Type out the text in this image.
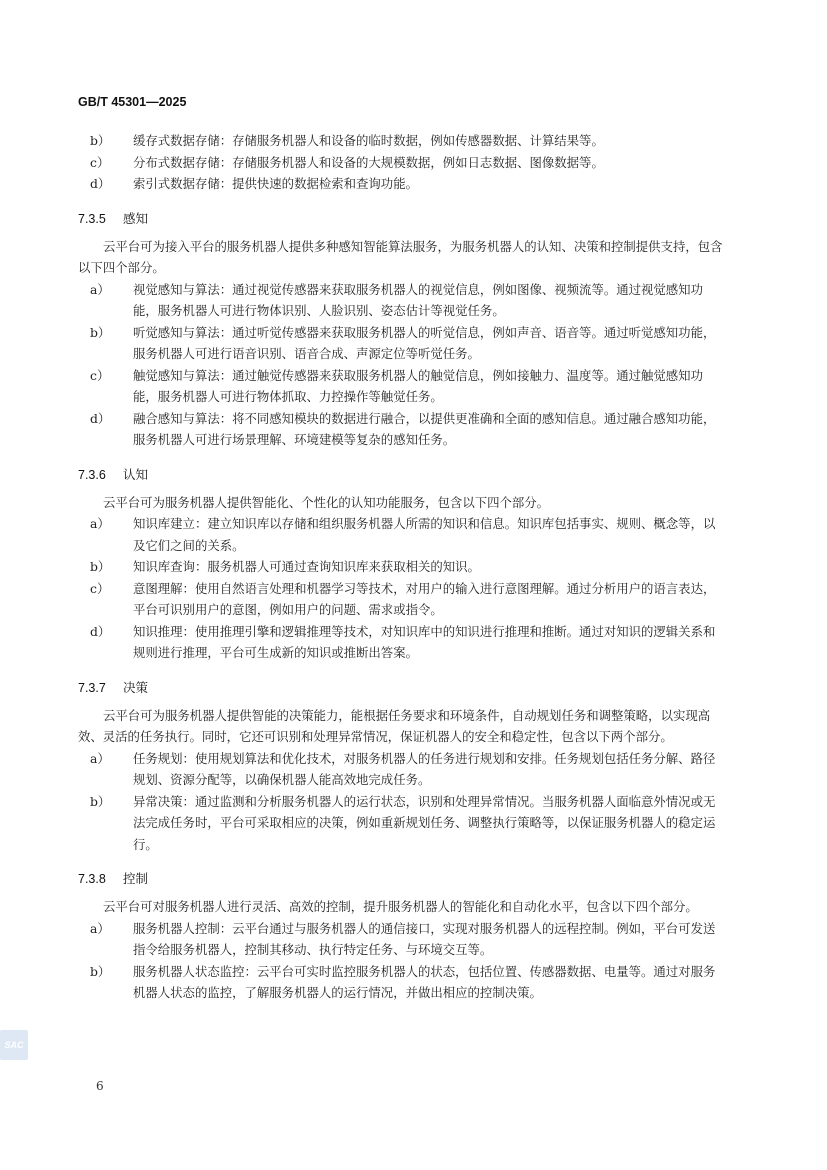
GB/T 45301—2025
b） 缓存式数据存储：存储服务机器人和设备的临时数据，例如传感器数据、计算结果等。
c） 分布式数据存储：存储服务机器人和设备的大规模数据，例如日志数据、图像数据等。
d） 索引式数据存储：提供快速的数据检索和查询功能。
7.3.5 感知
云平台可为接入平台的服务机器人提供多种感知智能算法服务，为服务机器人的认知、决策和控制提供支持，包含以下四个部分。
a） 视觉感知与算法：通过视觉传感器来获取服务机器人的视觉信息，例如图像、视频流等。通过视觉感知功能，服务机器人可进行物体识别、人脸识别、姿态估计等视觉任务。
b） 听觉感知与算法：通过听觉传感器来获取服务机器人的听觉信息，例如声音、语音等。通过听觉感知功能，服务机器人可进行语音识别、语音合成、声源定位等听觉任务。
c） 触觉感知与算法：通过触觉传感器来获取服务机器人的触觉信息，例如接触力、温度等。通过触觉感知功能，服务机器人可进行物体抓取、力控操作等触觉任务。
d） 融合感知与算法：将不同感知模块的数据进行融合，以提供更准确和全面的感知信息。通过融合感知功能，服务机器人可进行场景理解、环境建模等复杂的感知任务。
7.3.6 认知
云平台可为服务机器人提供智能化、个性化的认知功能服务，包含以下四个部分。
a） 知识库建立：建立知识库以存储和组织服务机器人所需的知识和信息。知识库包括事实、规则、概念等，以及它们之间的关系。
b） 知识库查询：服务机器人可通过查询知识库来获取相关的知识。
c） 意图理解：使用自然语言处理和机器学习等技术，对用户的输入进行意图理解。通过分析用户的语言表达，平台可识别用户的意图，例如用户的问题、需求或指令。
d） 知识推理：使用推理引擎和逻辑推理等技术，对知识库中的知识进行推理和推断。通过对知识的逻辑关系和规则进行推理，平台可生成新的知识或推断出答案。
7.3.7 决策
云平台可为服务机器人提供智能的决策能力，能根据任务要求和环境条件，自动规划任务和调整策略，以实现高效、灵活的任务执行。同时，它还可识别和处理异常情况，保证机器人的安全和稳定性，包含以下两个部分。
a） 任务规划：使用规划算法和优化技术，对服务机器人的任务进行规划和安排。任务规划包括任务分解、路径规划、资源分配等，以确保机器人能高效地完成任务。
b） 异常决策：通过监测和分析服务机器人的运行状态，识别和处理异常情况。当服务机器人面临意外情况或无法完成任务时，平台可采取相应的决策，例如重新规划任务、调整执行策略等，以保证服务机器人的稳定运行。
7.3.8 控制
云平台可对服务机器人进行灵活、高效的控制，提升服务机器人的智能化和自动化水平，包含以下四个部分。
a） 服务机器人控制：云平台通过与服务机器人的通信接口，实现对服务机器人的远程控制。例如，平台可发送指令给服务机器人，控制其移动、执行特定任务、与环境交互等。
b） 服务机器人状态监控：云平台可实时监控服务机器人的状态，包括位置、传感器数据、电量等。通过对服务机器人状态的监控，了解服务机器人的运行情况，并做出相应的控制决策。
SAC
6
